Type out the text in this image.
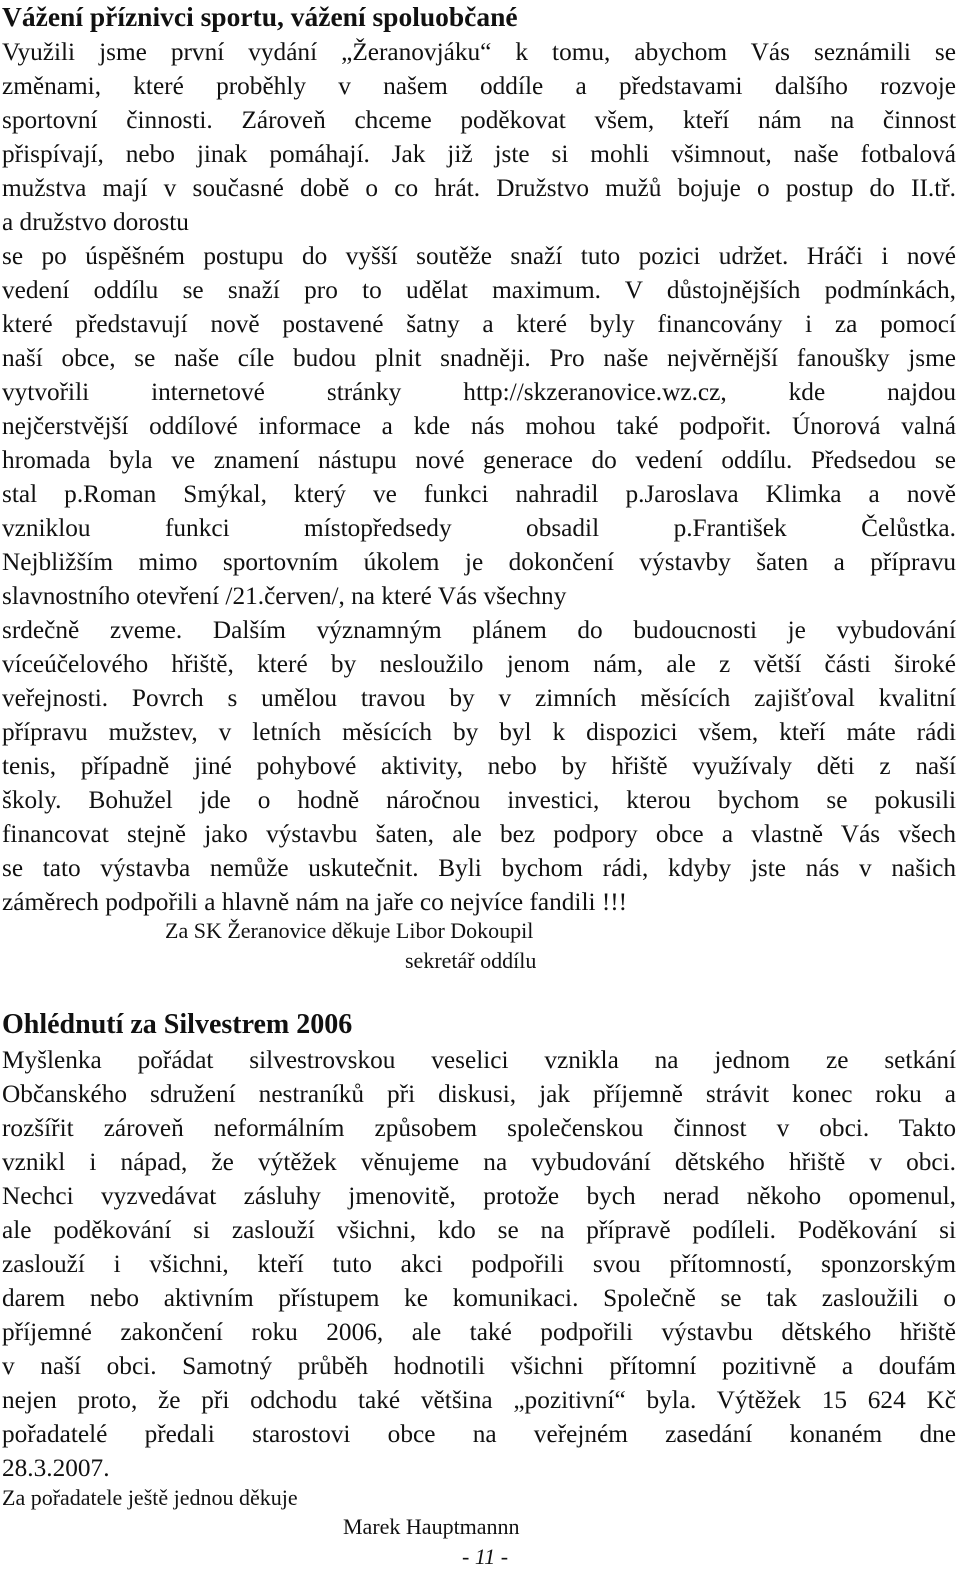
Vážení příznivci sportu, vážení spoluobčané
Využili jsme první vydání „Žeranovjáku“ k tomu, abychom Vás seznámili se
změnami, které proběhly v našem oddíle a představami dalšího rozvoje
sportovní činnosti. Zároveň chceme poděkovat všem, kteří nám na činnost
přispívají, nebo jinak pomáhají. Jak již jste si mohli všimnout, naše fotbalová
mužstva mají v současné době o co hrát. Družstvo mužů bojuje o postup do II.tř.
a družstvo dorostu
se po úspěšném postupu do vyšší soutěže snaží tuto pozici udržet. Hráči i nové
vedení oddílu se snaží pro to udělat maximum. V důstojnějších podmínkách,
které představují nově postavené šatny a které byly financovány i za pomocí
naší obce, se naše cíle budou plnit snadněji. Pro naše nejvěrnější fanoušky jsme
vytvořili internetové stránky http://skzeranovice.wz.cz, kde najdou
nejčerstvější oddílové informace a kde nás mohou také podpořit. Únorová valná
hromada byla ve znamení nástupu nové generace do vedení oddílu. Předsedou se
stal p.Roman Smýkal, který ve funkci nahradil p.Jaroslava Klimka a nově
vzniklou funkci místopředsedy obsadil p.František Čelůstka.
Nejbližším mimo sportovním úkolem je dokončení výstavby šaten a přípravu
slavnostního otevření /21.červen/, na které Vás všechny
srdečně zveme. Dalším významným plánem do budoucnosti je vybudování
víceúčelového hřiště, které by nesloužilo jenom nám, ale z větší části široké
veřejnosti. Povrch s umělou travou by v zimních měsících zajišťoval kvalitní
přípravu mužstev, v letních měsících by byl k dispozici všem, kteří máte rádi
tenis, případně jiné pohybové aktivity, nebo by hřiště využívaly děti z naší
školy. Bohužel jde o hodně náročnou investici, kterou bychom se pokusili
financovat stejně jako výstavbu šaten, ale bez podpory obce a vlastně Vás všech
se tato výstavba nemůže uskutečnit. Byli bychom rádi, kdyby jste nás v našich
záměrech podpořili a hlavně nám na jaře co nejvíce fandili !!!
Za SK Žeranovice děkuje Libor Dokoupil
sekretář oddílu
Ohlédnutí za Silvestrem 2006
Myšlenka pořádat silvestrovskou veselici vznikla na jednom ze setkání
Občanského sdružení nestraníků při diskusi, jak příjemně strávit konec roku a
rozšířit zároveň neformálním způsobem společenskou činnost v obci. Takto
vznikl i nápad, že výtěžek věnujeme na vybudování dětského hřiště v obci.
Nechci vyzvedávat zásluhy jmenovitě, protože bych nerad někoho opomenul,
ale poděkování si zaslouží všichni, kdo se na přípravě podíleli. Poděkování si
zaslouží i všichni, kteří tuto akci podpořili svou přítomností, sponzorským
darem nebo aktivním přístupem ke komunikaci. Společně se tak zasloužili o
příjemné zakončení roku 2006, ale také podpořili výstavbu dětského hřiště
v naší obci. Samotný průběh hodnotili všichni přítomní pozitivně a doufám
nejen proto, že při odchodu také většina „pozitivní“ byla. Výtěžek 15 624 Kč
pořadatelé předali starostovi obce na veřejném zasedání konaném dne
28.3.2007.
Za pořadatele ještě jednou děkuje
Marek Hauptmannn
- 11 -
